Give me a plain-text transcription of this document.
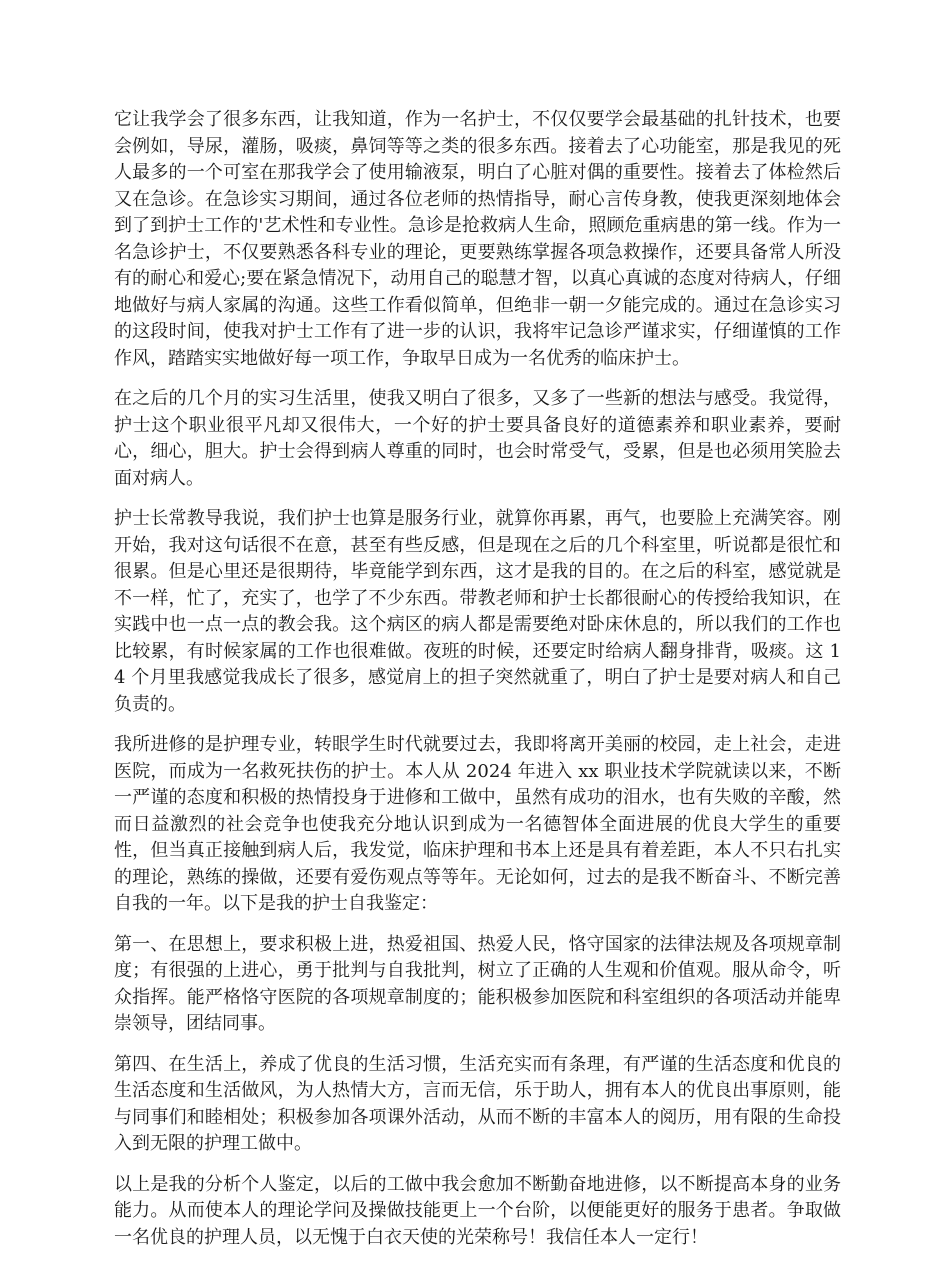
它让我学会了很多东西，让我知道，作为一名护士，不仅仅要学会最基础的扎针技术，也要会例如，导尿，灌肠，吸痰，鼻饲等等之类的很多东西。接着去了心功能室，那是我见的死人最多的一个可室在那我学会了使用输液泵，明白了心脏对偶的重要性。接着去了体检然后又在急诊。在急诊实习期间，通过各位老师的热情指导，耐心言传身教，使我更深刻地体会到了到护士工作的'艺术性和专业性。急诊是抢救病人生命，照顾危重病患的第一线。作为一名急诊护士，不仅要熟悉各科专业的理论，更要熟练掌握各项急救操作，还要具备常人所没有的耐心和爱心;要在紧急情况下，动用自己的聪慧才智，以真心真诚的态度对待病人，仔细地做好与病人家属的沟通。这些工作看似简单，但绝非一朝一夕能完成的。通过在急诊实习的这段时间，使我对护士工作有了进一步的认识，我将牢记急诊严谨求实，仔细谨慎的工作作风，踏踏实实地做好每一项工作，争取早日成为一名优秀的临床护士。

在之后的几个月的实习生活里，使我又明白了很多，又多了一些新的想法与感受。我觉得，护士这个职业很平凡却又很伟大，一个好的护士要具备良好的道德素养和职业素养，要耐心，细心，胆大。护士会得到病人尊重的同时，也会时常受气，受累，但是也必须用笑脸去面对病人。

护士长常教导我说，我们护士也算是服务行业，就算你再累，再气，也要脸上充满笑容。刚开始，我对这句话很不在意，甚至有些反感，但是现在之后的几个科室里，听说都是很忙和很累。但是心里还是很期待，毕竟能学到东西，这才是我的目的。在之后的科室，感觉就是不一样，忙了，充实了，也学了不少东西。带教老师和护士长都很耐心的传授给我知识，在实践中也一点一点的教会我。这个病区的病人都是需要绝对卧床休息的，所以我们的工作也比较累，有时候家属的工作也很难做。夜班的时候，还要定时给病人翻身排背，吸痰。这 14 个月里我感觉我成长了很多，感觉肩上的担子突然就重了，明白了护士是要对病人和自己负责的。

我所进修的是护理专业，转眼学生时代就要过去，我即将离开美丽的校园，走上社会，走进医院，而成为一名救死扶伤的护士。本人从 2024 年进入 xx 职业技术学院就读以来，不断一严谨的态度和积极的热情投身于进修和工做中，虽然有成功的泪水，也有失败的辛酸，然而日益激烈的社会竞争也使我充分地认识到成为一名德智体全面进展的优良大学生的重要性，但当真正接触到病人后，我发觉，临床护理和书本上还是具有着差距，本人不只右扎实的理论，熟练的操做，还要有爱伤观点等等年。无论如何，过去的是我不断奋斗、不断完善自我的一年。以下是我的护士自我鉴定：

第一、在思想上，要求积极上进，热爱祖国、热爱人民，恪守国家的法律法规及各项规章制度；有很强的上进心，勇于批判与自我批判，树立了正确的人生观和价值观。服从命令，听众指挥。能严格恪守医院的各项规章制度的；能积极参加医院和科室组织的各项活动并能卑崇领导，团结同事。

第四、在生活上，养成了优良的生活习惯，生活充实而有条理，有严谨的生活态度和优良的生活态度和生活做风，为人热情大方，言而无信，乐于助人，拥有本人的优良出事原则，能与同事们和睦相处；积极参加各项课外活动，从而不断的丰富本人的阅历，用有限的生命投入到无限的护理工做中。

以上是我的分析个人鉴定，以后的工做中我会愈加不断勤奋地进修，以不断提高本身的业务能力。从而使本人的理论学问及操做技能更上一个台阶，以便能更好的服务于患者。争取做一名优良的护理人员，以无愧于白衣天使的光荣称号！我信任本人一定行！
